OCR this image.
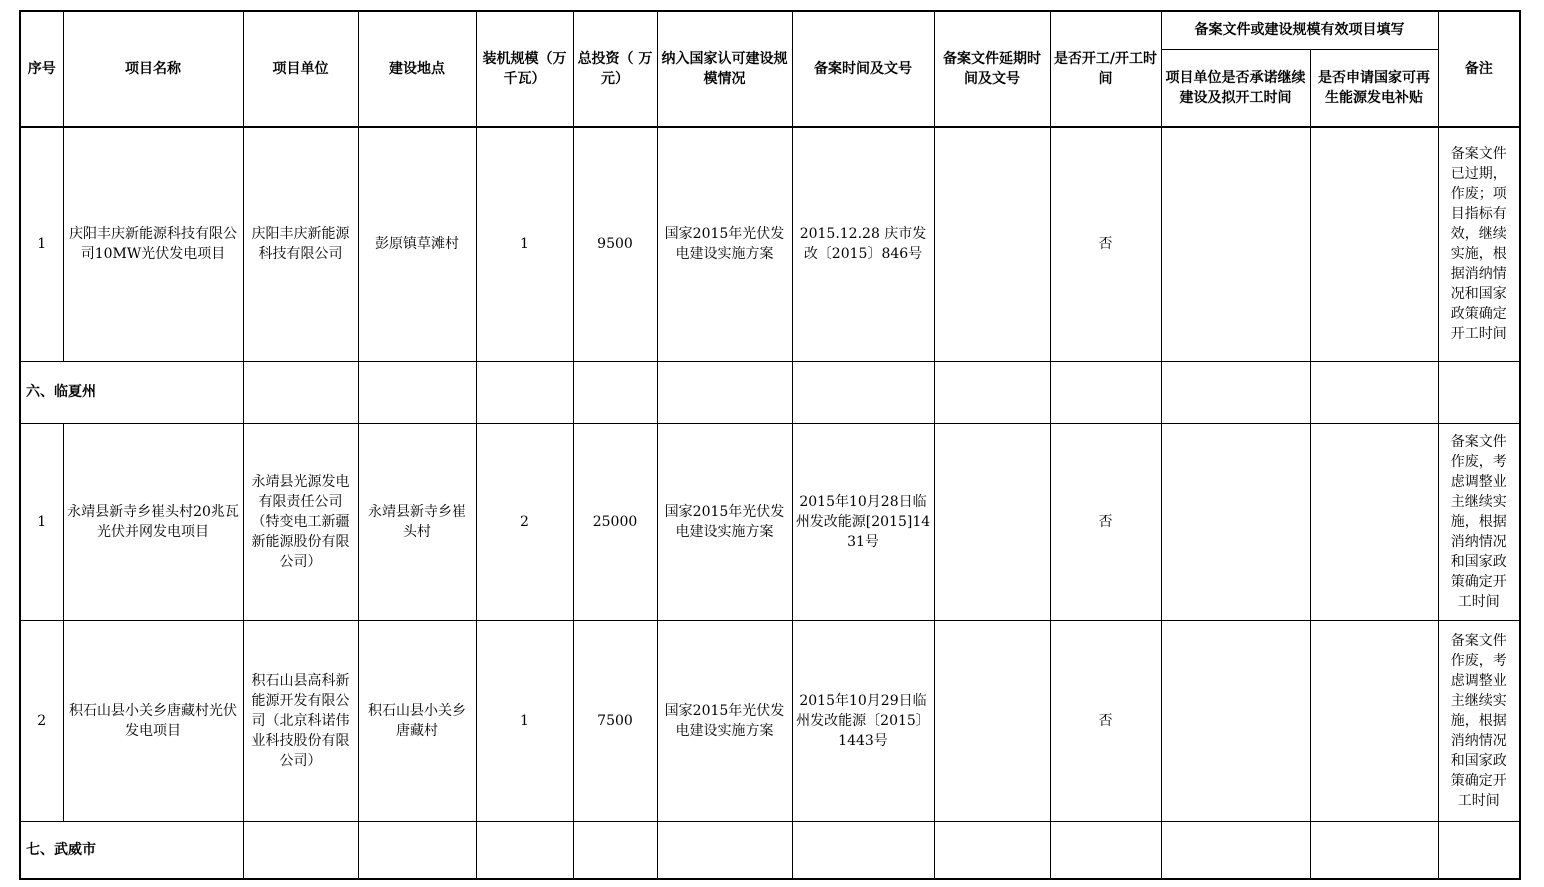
序号	项目名称	项目单位	建设地点	装机规模（万千瓦）	总投资（ 万元）	纳入国家认可建设规模情况	备案时间及文号	备案文件延期时间及文号	是否开工/开工时间	备案文件或建设规模有效项目填写		备注
										项目单位是否承诺继续建设及拟开工时间	是否申请国家可再生能源发电补贴	
1	庆阳丰庆新能源科技有限公司10MW光伏发电项目	庆阳丰庆新能源科技有限公司	彭原镇草滩村	1	9500	国家2015年光伏发电建设实施方案	2015.12.28 庆市发改〔2015〕846号		否			备案文件已过期，作废；项目指标有效，继续实施，根据消纳情况和国家政策确定开工时间
六、临夏州												
1	永靖县新寺乡崔头村20兆瓦光伏并网发电项目	永靖县光源发电有限责任公司（特变电工新疆新能源股份有限公司）	永靖县新寺乡崔头村	2	25000	国家2015年光伏发电建设实施方案	2015年10月28日临州发改能源[2015]1431号		否			备案文件作废，考虑调整业主继续实施，根据消纳情况和国家政策确定开工时间
2	积石山县小关乡唐藏村光伏发电项目	积石山县高科新能源开发有限公司（北京科诺伟业科技股份有限公司）	积石山县小关乡唐藏村	1	7500	国家2015年光伏发电建设实施方案	2015年10月29日临州发改能源〔2015〕1443号		否			备案文件作废，考虑调整业主继续实施，根据消纳情况和国家政策确定开工时间
七、武威市												
